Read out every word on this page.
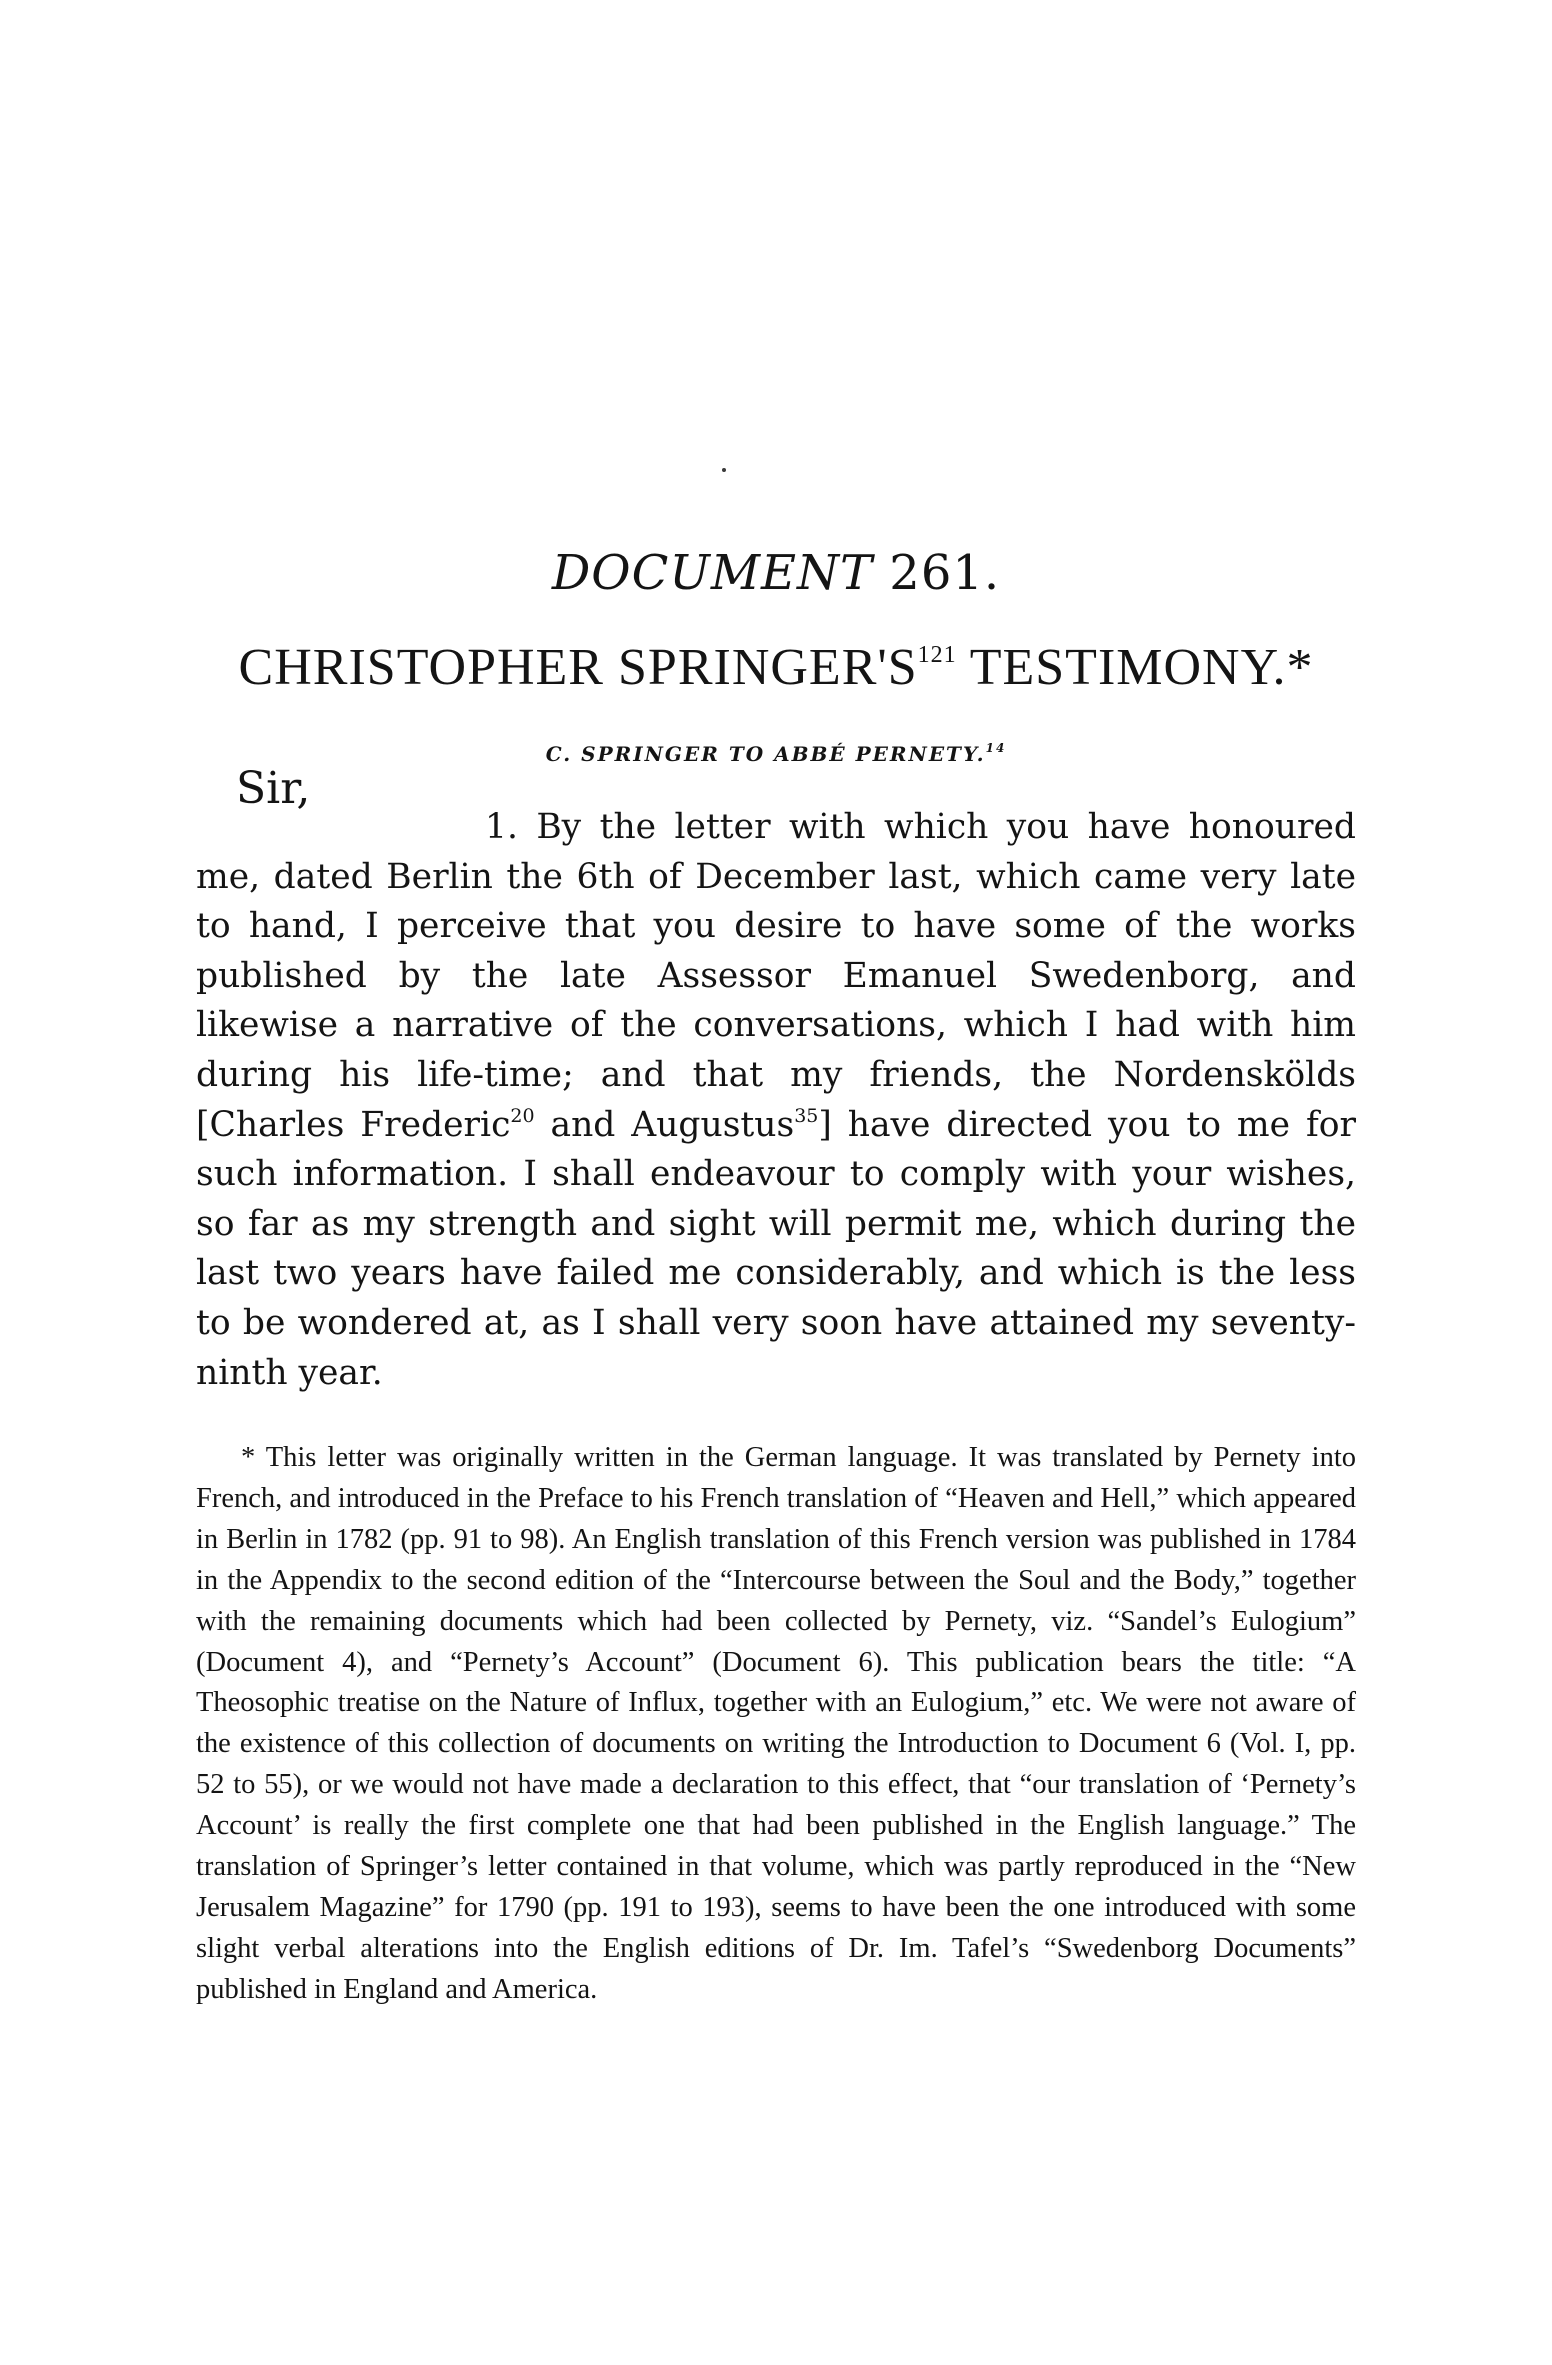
DOCUMENT 261.
CHRISTOPHER $SPRINGER'S^{121}$ TESTIMONY.*
C. SPRINGER TO ABBÉ PERNETY.$^{14}$
Sir,

1. By the letter with which you have honoured me, dated Berlin the 6th of December last, which came very late to hand, I perceive that you desire to have some of the works published by the late Assessor Emanuel Swedenborg, and likewise a narrative of the conversations, which I had with him during his life-time; and that my friends, the Nordenskölds [Charles Frederic$^{20}$ and Augustus$^{35}$] have directed you to me for such information. I shall endeavour to comply with your wishes, so far as my strength and sight will permit me, which during the last two years have failed me considerably, and which is the less to be wondered at, as I shall very soon have attained my seventy-ninth year.

* This letter was originally written in the German language. It was translated by Pernety into French, and introduced in the Preface to his French translation of “Heaven and Hell,” which appeared in Berlin in 1782 (pp. 91 to 98). An English translation of this French version was published in 1784 in the Appendix to the second edition of the “Intercourse between the Soul and the Body,” together with the remaining documents which had been collected by Pernety, viz. “Sandel’s Eulogium” (Document 4), and “Pernety’s Account” (Document 6). This publication bears the title: “A Theosophic treatise on the Nature of Influx, together with an Eulogium,” etc. We were not aware of the existence of this collection of documents on writing the Introduction to Document 6 (Vol. I, pp. 52 to 55), or we would not have made a declaration to this effect, that “our translation of ‘Pernety’s Account’ is really the first complete one that had been published in the English language.” The translation of Springer’s letter contained in that volume, which was partly reproduced in the “New Jerusalem Magazine” for 1790 (pp. 191 to 193), seems to have been the one introduced with some slight verbal alterations into the English editions of Dr. Im. Tafel’s “Swedenborg Documents” published in England and America.
